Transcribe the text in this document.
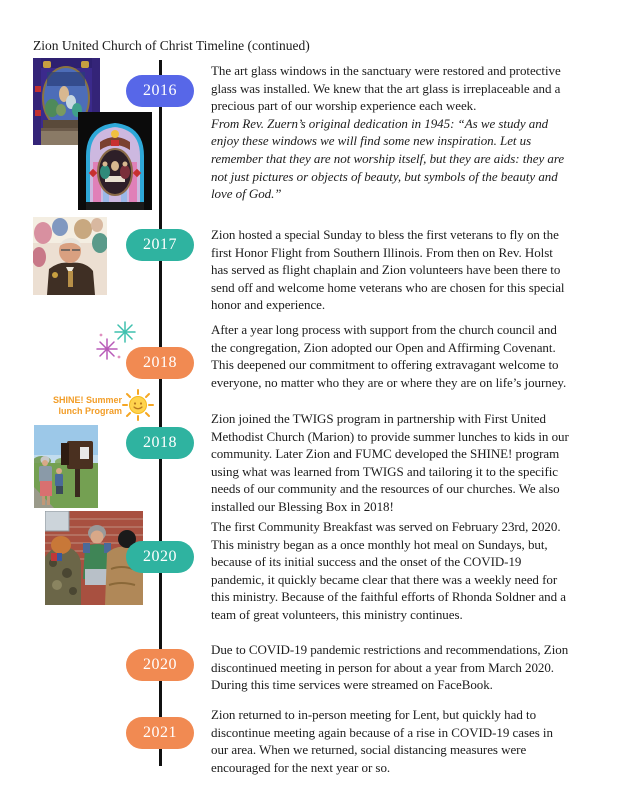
Zion United Church of Christ Timeline (continued)
2016
2017
2018
2018
2020
2020
2021
The art glass windows in the sanctuary were restored and protective glass was installed. We knew that the art glass is irreplaceable and a precious part of our worship experience each week.
From Rev. Zuern’s original dedication in 1945: “As we study and enjoy these windows we will find some new inspiration. Let us remember that they are not worship itself, but they are aids: they are not just pictures or objects of beauty, but symbols of the beauty and love of God.”
Zion hosted a special Sunday to bless the first veterans to fly on the first Honor Flight from Southern Illinois. From then on Rev. Holst has served as flight chaplain and Zion volunteers have been there to send off and welcome home veterans who are chosen for this special honor and experience.
After a year long process with support from the church council and the congregation, Zion adopted our Open and Affirming Covenant. This deepened our commitment to offering extravagant welcome to everyone, no matter who they are or where they are on life’s journey.
Zion joined the TWIGS program in partnership with First United Methodist Church (Marion) to provide summer lunches to kids in our community. Later Zion and FUMC developed the SHINE! program using what was learned from TWIGS and tailoring it to the specific needs of our community and the resources of our churches. We also installed our Blessing Box in 2018!
The first Community Breakfast was served on February 23rd, 2020. This ministry began as a once monthly hot meal on Sundays, but, because of its initial success and the onset of the COVID-19 pandemic, it quickly became clear that there was a weekly need for this ministry. Because of the faithful efforts of Rhonda Soldner and a team of great volunteers, this ministry continues.
Due to COVID-19 pandemic restrictions and recommendations, Zion discontinued meeting in person for about a year from March 2020. During this time services were streamed on FaceBook.
Zion returned to in-person meeting for Lent, but quickly had to discontinue meeting again because of a rise in COVID-19 cases in our area. When we returned, social distancing measures were encouraged for the next year or so.
SHINE! Summer
lunch Program
